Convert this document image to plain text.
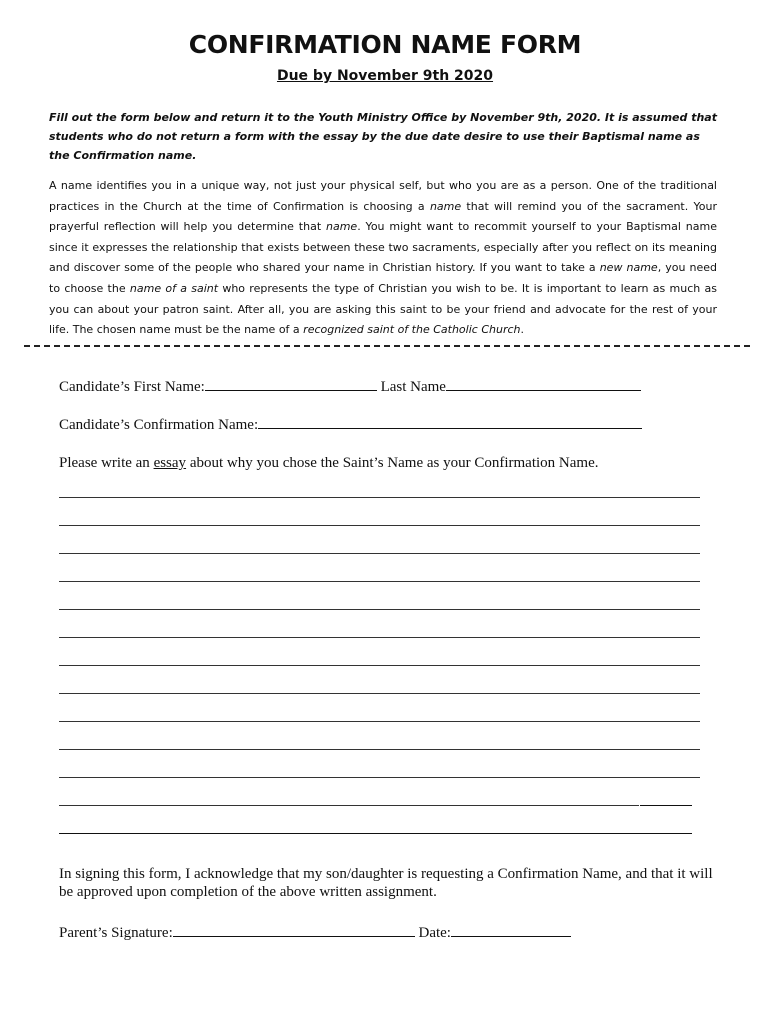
CONFIRMATION NAME FORM
Due by November 9th 2020

Fill out the form below and return it to the Youth Ministry Office by November 9th, 2020. It is assumed that students who do not return a form with the essay by the due date desire to use their Baptismal name as the Confirmation name.

A name identifies you in a unique way, not just your physical self, but who you are as a person. One of the traditional practices in the Church at the time of Confirmation is choosing a name that will remind you of the sacrament. Your prayerful reflection will help you determine that name. You might want to recommit yourself to your Baptismal name since it expresses the relationship that exists between these two sacraments, especially after you reflect on its meaning and discover some of the people who shared your name in Christian history. If you want to take a new name, you need to choose the name of a saint who represents the type of Christian you wish to be. It is important to learn as much as you can about your patron saint. After all, you are asking this saint to be your friend and advocate for the rest of your life. The chosen name must be the name of a recognized saint of the Catholic Church.

Candidate’s First Name:	Last Name
Candidate’s Confirmation Name:
Please write an essay about why you chose the Saint’s Name as your Confirmation Name.

In signing this form, I acknowledge that my son/daughter is requesting a Confirmation Name, and that it will be approved upon completion of the above written assignment.

Parent’s Signature:	Date:
